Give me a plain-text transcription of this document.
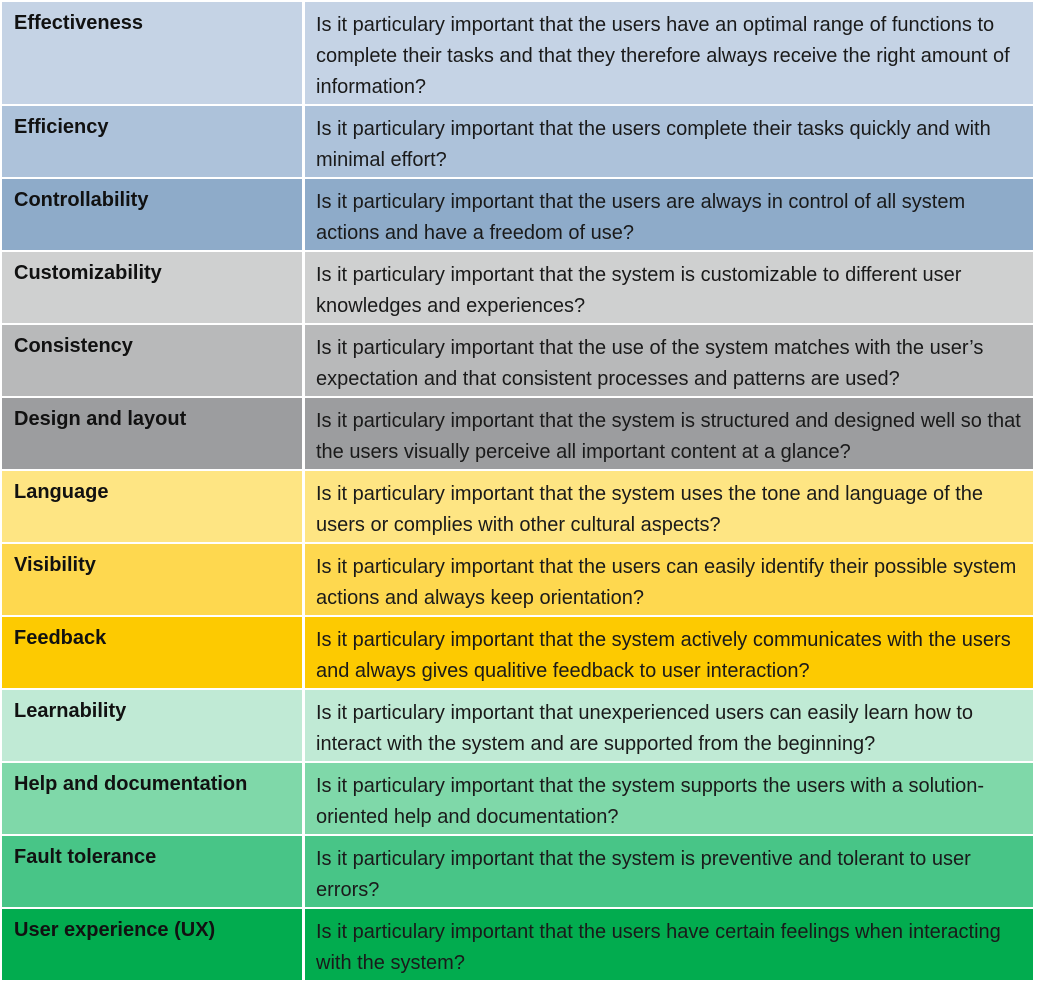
Effectiveness	Is it particulary important that the users have an optimal range of functions to complete their tasks and that they therefore always receive the right amount of information?
Efficiency	Is it particulary important that the users complete their tasks quickly and with minimal effort?
Controllability	Is it particulary important that the users are always in control of all system actions and have a freedom of use?
Customizability	Is it particulary important that the system is customizable to different user knowledges and experiences?
Consistency	Is it particulary important that the use of the system matches with the user’s expectation and that consistent processes and patterns are used?
Design and layout	Is it particulary important that the system is structured and designed well so that the users visually perceive all important content at a glance?
Language	Is it particulary important that the system uses the tone and language of the users or complies with other cultural aspects?
Visibility	Is it particulary important that the users can easily identify their possible system actions and always keep orientation?
Feedback	Is it particulary important that the system actively communicates with the users and always gives qualitive feedback to user interaction?
Learnability	Is it particulary important that unexperienced users can easily learn how to interact with the system and are supported from the beginning?
Help and documentation	Is it particulary important that the system supports the users with a solution-oriented help and documentation?
Fault tolerance	Is it particulary important that the system is preventive and tolerant to user errors?
User experience (UX)	Is it particulary important that the users have certain feelings when interacting with the system?
